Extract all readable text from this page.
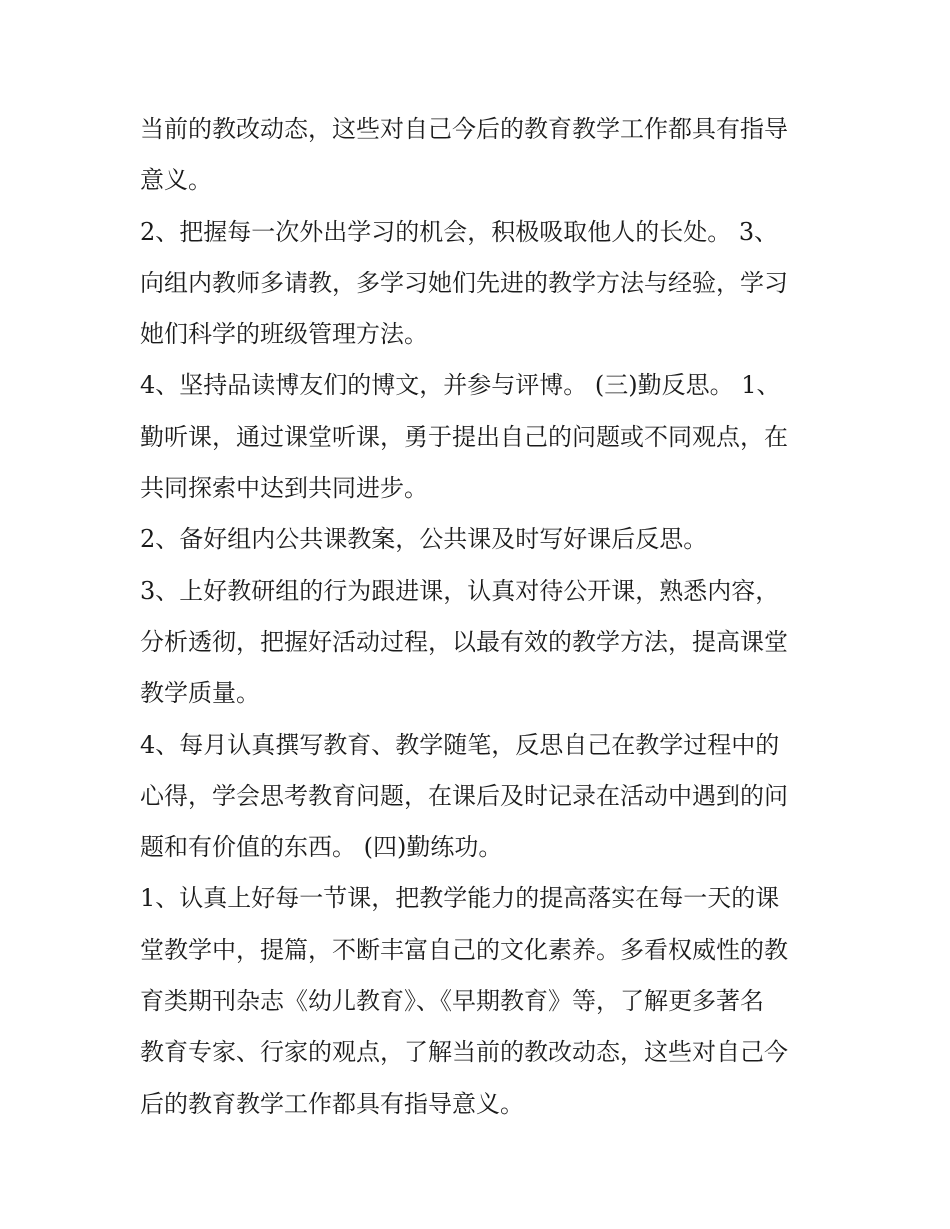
当前的教改动态，这些对自己今后的教育教学工作都具有指导
意义。
2、把握每一次外出学习的机会，积极吸取他人的长处。 3、
向组内教师多请教，多学习她们先进的教学方法与经验，学习
她们科学的班级管理方法。
4、坚持品读博友们的博文，并参与评博。 (三)勤反思。 1、
勤听课，通过课堂听课，勇于提出自己的问题或不同观点，在
共同探索中达到共同进步。
2、备好组内公共课教案，公共课及时写好课后反思。
3、上好教研组的行为跟进课，认真对待公开课，熟悉内容，
分析透彻，把握好活动过程，以最有效的教学方法，提高课堂
教学质量。
4、每月认真撰写教育、教学随笔，反思自己在教学过程中的
心得，学会思考教育问题，在课后及时记录在活动中遇到的问
题和有价值的东西。 (四)勤练功。
1、认真上好每一节课，把教学能力的提高落实在每一天的课
堂教学中，提篇，不断丰富自己的文化素养。多看权威性的教
育类期刊杂志《幼儿教育》、《早期教育》等，了解更多著名
教育专家、行家的观点，了解当前的教改动态，这些对自己今
后的教育教学工作都具有指导意义。
